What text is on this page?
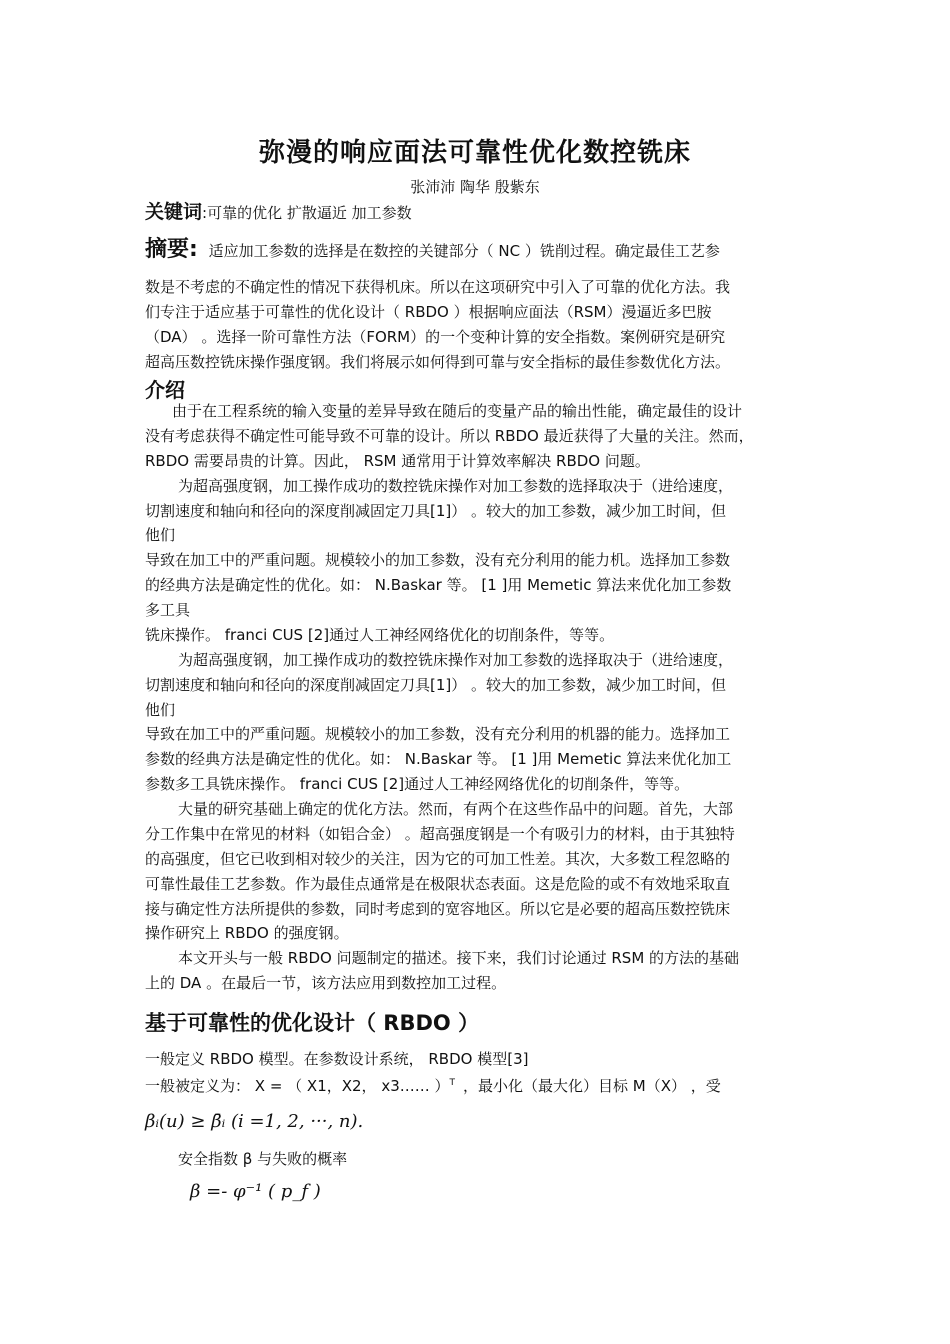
弥漫的响应面法可靠性优化数控铣床
张沛沛 陶华 殷紫东
关键词:可靠的优化 扩散逼近 加工参数
摘要: 适应加工参数的选择是在数控的关键部分（ NC ）铣削过程。确定最佳工艺参
数是不考虑的不确定性的情况下获得机床。所以在这项研究中引入了可靠的优化方法。我
们专注于适应基于可靠性的优化设计（ RBDO ）根据响应面法（RSM）漫逼近多巴胺
（DA） 。选择一阶可靠性方法（FORM）的一个变种计算的安全指数。案例研究是研究
超高压数控铣床操作强度钢。我们将展示如何得到可靠与安全指标的最佳参数优化方法。
介绍
由于在工程系统的输入变量的差异导致在随后的变量产品的输出性能，确定最佳的设计
没有考虑获得不确定性可能导致不可靠的设计。所以 RBDO 最近获得了大量的关注。然而，
RBDO 需要昂贵的计算。因此， RSM 通常用于计算效率解决 RBDO 问题。
为超高强度钢，加工操作成功的数控铣床操作对加工参数的选择取决于（进给速度，
切割速度和轴向和径向的深度削减固定刀具[1]） 。较大的加工参数，减少加工时间，但
他们
导致在加工中的严重问题。规模较小的加工参数，没有充分利用的能力机。选择加工参数
的经典方法是确定性的优化。如： N.Baskar 等。 [1 ]用 Memetic 算法来优化加工参数
多工具
铣床操作。 franci CUS [2]通过人工神经网络优化的切削条件，等等。
为超高强度钢，加工操作成功的数控铣床操作对加工参数的选择取决于（进给速度，
切割速度和轴向和径向的深度削减固定刀具[1]） 。较大的加工参数，减少加工时间，但
他们
导致在加工中的严重问题。规模较小的加工参数，没有充分利用的机器的能力。选择加工
参数的经典方法是确定性的优化。如： N.Baskar 等。 [1 ]用 Memetic 算法来优化加工
参数多工具铣床操作。 franci CUS [2]通过人工神经网络优化的切削条件，等等。
大量的研究基础上确定的优化方法。然而，有两个在这些作品中的问题。首先，大部
分工作集中在常见的材料（如铝合金） 。超高强度钢是一个有吸引力的材料，由于其独特
的高强度，但它已收到相对较少的关注，因为它的可加工性差。其次，大多数工程忽略的
可靠性最佳工艺参数。作为最佳点通常是在极限状态表面。这是危险的或不有效地采取直
接与确定性方法所提供的参数，同时考虑到的宽容地区。所以它是必要的超高压数控铣床
操作研究上 RBDO 的强度钢。
本文开头与一般 RBDO 问题制定的描述。接下来，我们讨论通过 RSM 的方法的基础
上的 DA 。在最后一节，该方法应用到数控加工过程。
基于可靠性的优化设计（ RBDO ）
一般定义 RBDO 模型。在参数设计系统， RBDO 模型[3]
一般被定义为： X = （ X1，X2， x3…… ）$^T$ ，最小化（最大化）目标 M（X） ，受
βᵢ(u) ≥ β̄ᵢ (i =1, 2, ···, n).
安全指数 β 与失败的概率
β =- φ⁻¹ ( p_f )
